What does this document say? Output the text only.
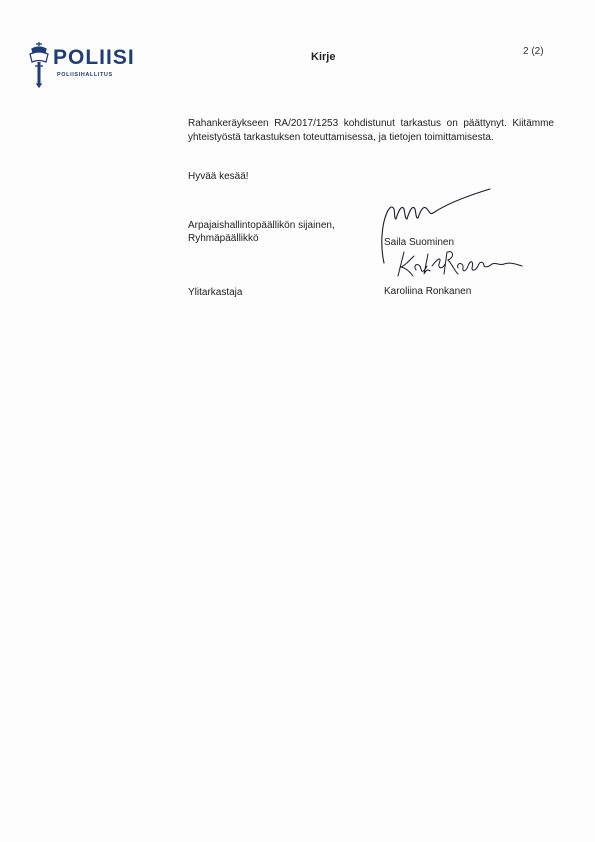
POLIISI
POLIISIHALLITUS
Kirje	2 (2)

Rahankeräykseen RA/2017/1253 kohdistunut tarkastus on päättynyt. Kiitämme yhteistyöstä tarkastuksen toteuttamisessa, ja tietojen toimittamisesta.

Hyvää kesää!
Arpajaishallintopäällikön sijainen,
Ryhmäpäällikkö	Saila Suominen
Ylitarkastaja	Karoliina Ronkanen
